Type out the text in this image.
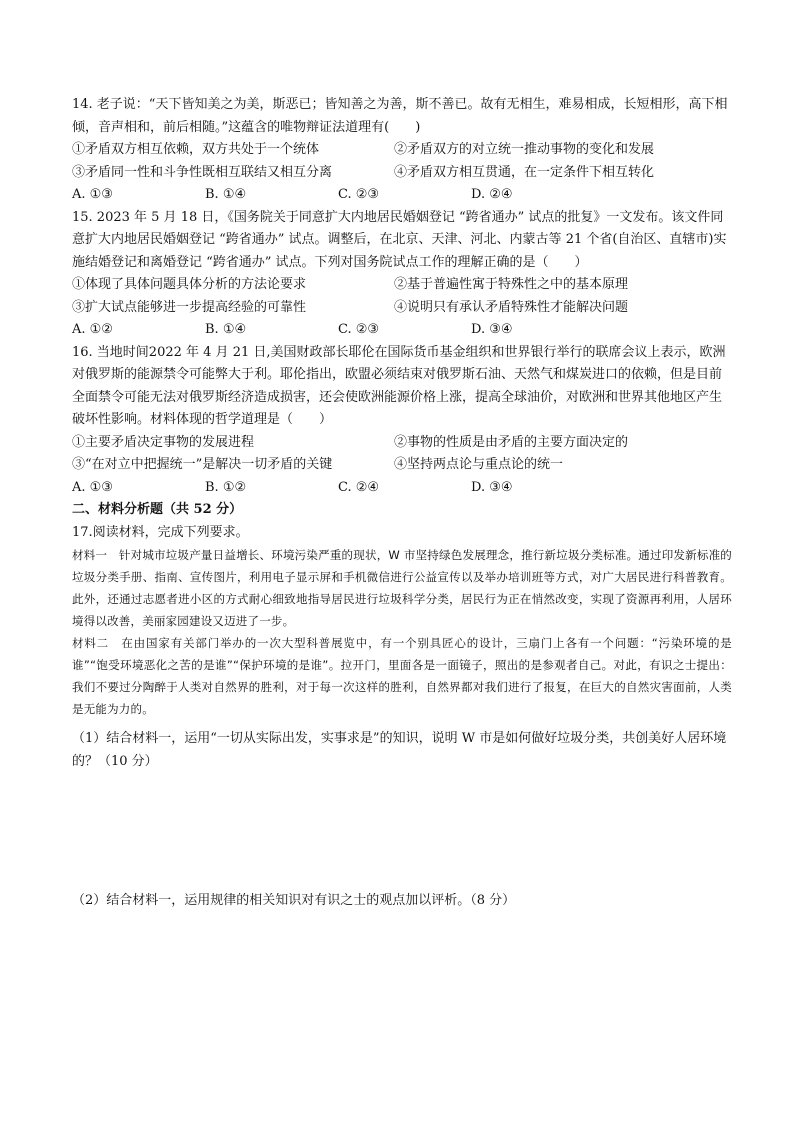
14. 老子说：“天下皆知美之为美，斯恶已；皆知善之为善，斯不善已。故有无相生，难易相成，长短相形，高下相倾，音声相和，前后相随。”这蕴含的唯物辩证法道理有(　　)

①矛盾双方相互依赖，双方共处于一个统体	②矛盾双方的对立统一推动事物的变化和发展
③矛盾同一性和斗争性既相互联结又相互分离	④矛盾双方相互贯通，在一定条件下相互转化
A. ①③	B. ①④	C. ②③	D. ②④

15. 2023 年 5 月 18 日，《国务院关于同意扩大内地居民婚姻登记 “跨省通办” 试点的批复》一文发布。该文件同意扩大内地居民婚姻登记 “跨省通办” 试点。调整后，在北京、天津、河北、内蒙古等 21 个省(自治区、直辖市)实施结婚登记和离婚登记 “跨省通办” 试点。下列对国务院试点工作的理解正确的是（　　）

①体现了具体问题具体分析的方法论要求	②基于普遍性寓于特殊性之中的基本原理
③扩大试点能够进一步提高经验的可靠性	④说明只有承认矛盾特殊性才能解决问题
A. ①②	B. ①④	C. ②③	D. ③④

16. 当地时间2022 年 4 月 21 日,美国财政部长耶伦在国际货币基金组织和世界银行举行的联席会议上表示，欧洲对俄罗斯的能源禁令可能弊大于利。耶伦指出，欧盟必须结束对俄罗斯石油、天然气和煤炭进口的依赖，但是目前全面禁令可能无法对俄罗斯经济造成损害，还会使欧洲能源价格上涨，提高全球油价，对欧洲和世界其他地区产生破坏性影响。材料体现的哲学道理是（　　）

①主要矛盾决定事物的发展进程	②事物的性质是由矛盾的主要方面决定的
③“在对立中把握统一”是解决一切矛盾的关键	④坚持两点论与重点论的统一
A. ①③	B. ①②	C. ②④	D. ③④

二、材料分析题（共 52 分）

17.阅读材料，完成下列要求。

材料一　针对城市垃圾产量日益增长、环境污染严重的现状，W 市坚持绿色发展理念，推行新垃圾分类标准。通过印发新标准的垃圾分类手册、指南、宣传图片，利用电子显示屏和手机微信进行公益宣传以及举办培训班等方式，对广大居民进行科普教育。此外，还通过志愿者进小区的方式耐心细致地指导居民进行垃圾科学分类，居民行为正在悄然改变，实现了资源再利用，人居环境得以改善，美丽家园建设又迈进了一步。

材料二　在由国家有关部门举办的一次大型科普展览中，有一个别具匠心的设计，三扇门上各有一个问题：“污染环境的是谁”“饱受环境恶化之苦的是谁”“保护环境的是谁”。拉开门，里面各是一面镜子，照出的是参观者自己。对此，有识之士提出：我们不要过分陶醉于人类对自然界的胜利，对于每一次这样的胜利，自然界都对我们进行了报复，在巨大的自然灾害面前，人类是无能为力的。

（1）结合材料一，运用“一切从实际出发，实事求是”的知识，说明 W 市是如何做好垃圾分类，共创美好人居环境的？（10 分）

（2）结合材料一，运用规律的相关知识对有识之士的观点加以评析。（8 分）
